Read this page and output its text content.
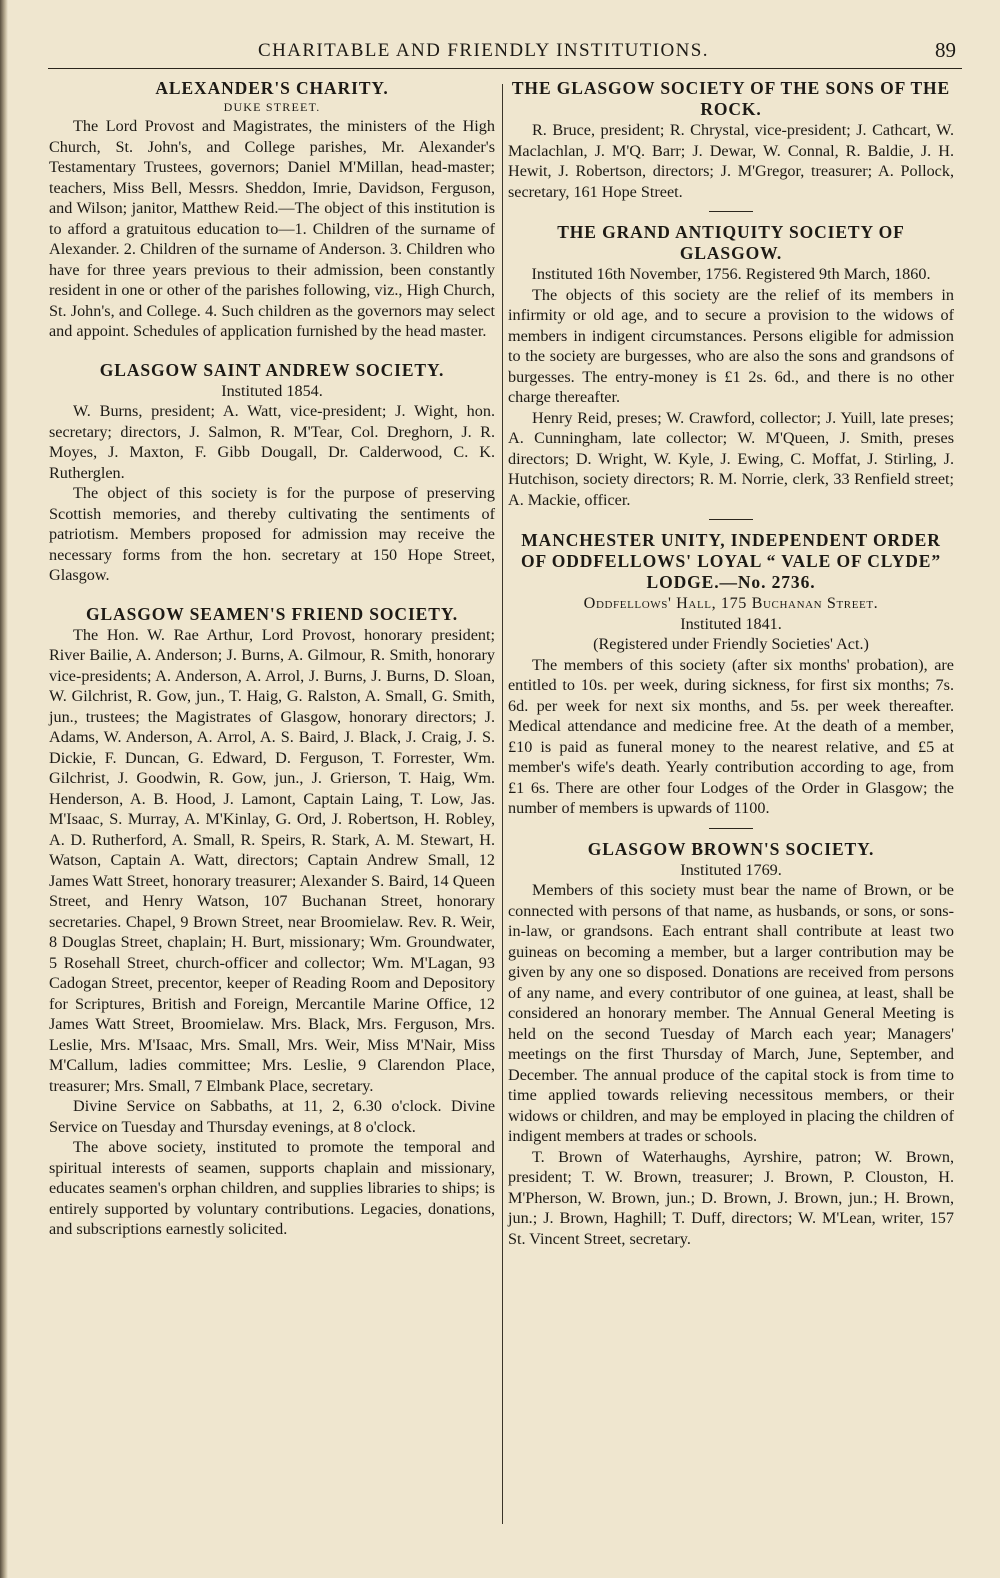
CHARITABLE AND FRIENDLY INSTITUTIONS.	89
ALEXANDER'S CHARITY.
DUKE STREET.

The Lord Provost and Magistrates, the ministers of the High Church, St. John's, and College parishes, Mr. Alexander's Testamentary Trustees, governors; Daniel M'Millan, head-master; teachers, Miss Bell, Messrs. Sheddon, Imrie, Davidson, Ferguson, and Wilson; janitor, Matthew Reid.—The object of this institution is to afford a gratuitous education to—1. Children of the surname of Alexander. 2. Children of the surname of Anderson. 3. Children who have for three years previous to their admission, been constantly resident in one or other of the parishes following, viz., High Church, St. John's, and College. 4. Such children as the governors may select and appoint. Schedules of application furnished by the head master.

GLASGOW SAINT ANDREW SOCIETY.
Instituted 1854.

W. Burns, president; A. Watt, vice-president; J. Wight, hon. secretary; directors, J. Salmon, R. M'Tear, Col. Dreghorn, J. R. Moyes, J. Maxton, F. Gibb Dougall, Dr. Calderwood, C. K. Rutherglen.

The object of this society is for the purpose of preserving Scottish memories, and thereby cultivating the sentiments of patriotism. Members proposed for admission may receive the necessary forms from the hon. secretary at 150 Hope Street, Glasgow.

GLASGOW SEAMEN'S FRIEND SOCIETY.

The Hon. W. Rae Arthur, Lord Provost, honorary president; River Bailie, A. Anderson; J. Burns, A. Gilmour, R. Smith, honorary vice-presidents; A. Anderson, A. Arrol, J. Burns, J. Burns, D. Sloan, W. Gilchrist, R. Gow, jun., T. Haig, G. Ralston, A. Small, G. Smith, jun., trustees; the Magistrates of Glasgow, honorary directors; J. Adams, W. Anderson, A. Arrol, A. S. Baird, J. Black, J. Craig, J. S. Dickie, F. Duncan, G. Edward, D. Ferguson, T. Forrester, Wm. Gilchrist, J. Goodwin, R. Gow, jun., J. Grierson, T. Haig, Wm. Henderson, A. B. Hood, J. Lamont, Captain Laing, T. Low, Jas. M'Isaac, S. Murray, A. M'Kinlay, G. Ord, J. Robertson, H. Robley, A. D. Rutherford, A. Small, R. Speirs, R. Stark, A. M. Stewart, H. Watson, Captain A. Watt, directors; Captain Andrew Small, 12 James Watt Street, honorary treasurer; Alexander S. Baird, 14 Queen Street, and Henry Watson, 107 Buchanan Street, honorary secretaries. Chapel, 9 Brown Street, near Broomielaw. Rev. R. Weir, 8 Douglas Street, chaplain; H. Burt, missionary; Wm. Groundwater, 5 Rosehall Street, church-officer and collector; Wm. M'Lagan, 93 Cadogan Street, precentor, keeper of Reading Room and Depository for Scriptures, British and Foreign, Mercantile Marine Office, 12 James Watt Street, Broomielaw. Mrs. Black, Mrs. Ferguson, Mrs. Leslie, Mrs. M'Isaac, Mrs. Small, Mrs. Weir, Miss M'Nair, Miss M'Callum, ladies committee; Mrs. Leslie, 9 Clarendon Place, treasurer; Mrs. Small, 7 Elmbank Place, secretary.

Divine Service on Sabbaths, at 11, 2, 6.30 o'clock. Divine Service on Tuesday and Thursday evenings, at 8 o'clock.

The above society, instituted to promote the temporal and spiritual interests of seamen, supports chaplain and missionary, educates seamen's orphan children, and supplies libraries to ships; is entirely supported by voluntary contributions. Legacies, donations, and subscriptions earnestly solicited.

THE GLASGOW SOCIETY OF THE SONS OF THE ROCK.

R. Bruce, president; R. Chrystal, vice-president; J. Cathcart, W. Maclachlan, J. M'Q. Barr; J. Dewar, W. Connal, R. Baldie, J. H. Hewit, J. Robertson, directors; J. M'Gregor, treasurer; A. Pollock, secretary, 161 Hope Street.

THE GRAND ANTIQUITY SOCIETY OF GLASGOW.
Instituted 16th November, 1756. Registered 9th March, 1860.

The objects of this society are the relief of its members in infirmity or old age, and to secure a provision to the widows of members in indigent circumstances. Persons eligible for admission to the society are burgesses, who are also the sons and grandsons of burgesses. The entry-money is £1 2s. 6d., and there is no other charge thereafter.

Henry Reid, preses; W. Crawford, collector; J. Yuill, late preses; A. Cunningham, late collector; W. M'Queen, J. Smith, preses directors; D. Wright, W. Kyle, J. Ewing, C. Moffat, J. Stirling, J. Hutchison, society directors; R. M. Norrie, clerk, 33 Renfield street; A. Mackie, officer.

MANCHESTER UNITY, INDEPENDENT ORDER OF ODDFELLOWS' LOYAL “ VALE OF CLYDE” LODGE.—No. 2736.
Oddfellows' Hall, 175 Buchanan Street.
Instituted 1841.
(Registered under Friendly Societies' Act.)

The members of this society (after six months' probation), are entitled to 10s. per week, during sickness, for first six months; 7s. 6d. per week for next six months, and 5s. per week thereafter. Medical attendance and medicine free. At the death of a member, £10 is paid as funeral money to the nearest relative, and £5 at member's wife's death. Yearly contribution according to age, from £1 6s. There are other four Lodges of the Order in Glasgow; the number of members is upwards of 1100.

GLASGOW BROWN'S SOCIETY.
Instituted 1769.

Members of this society must bear the name of Brown, or be connected with persons of that name, as husbands, or sons, or sons-in-law, or grandsons. Each entrant shall contribute at least two guineas on becoming a member, but a larger contribution may be given by any one so disposed. Donations are received from persons of any name, and every contributor of one guinea, at least, shall be considered an honorary member. The Annual General Meeting is held on the second Tuesday of March each year; Managers' meetings on the first Thursday of March, June, September, and December. The annual produce of the capital stock is from time to time applied towards relieving necessitous members, or their widows or children, and may be employed in placing the children of indigent members at trades or schools.

T. Brown of Waterhaughs, Ayrshire, patron; W. Brown, president; T. W. Brown, treasurer; J. Brown, P. Clouston, H. M'Pherson, W. Brown, jun.; D. Brown, J. Brown, jun.; H. Brown, jun.; J. Brown, Haghill; T. Duff, directors; W. M'Lean, writer, 157 St. Vincent Street, secretary.
